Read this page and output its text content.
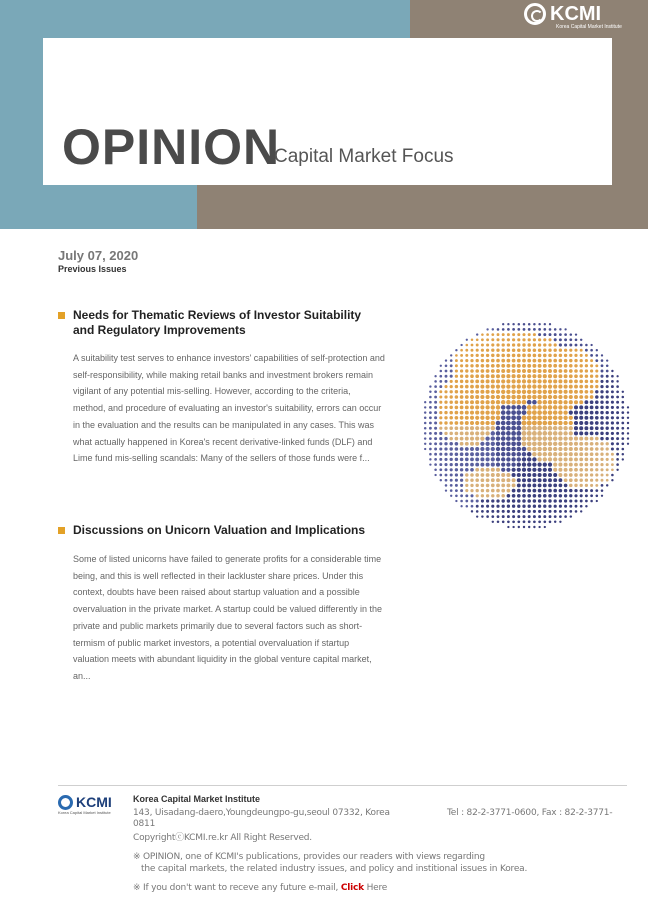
OPINION
Capital Market Focus
KCMI
Korea Capital Market Institute
July 07, 2020
Previous Issues
Needs for Thematic Reviews of Investor Suitability
and Regulatory Improvements
A suitability test serves to enhance investors' capabilities of self-protection and self-responsibility, while making retail banks and investment brokers remain vigilant of any potential mis-selling. However, according to the criteria, method, and procedure of evaluating an investor's suitability, errors can occur in the evaluation and the results can be manipulated in any cases. This was what actually happened in Korea's recent derivative-linked funds (DLF) and Lime fund mis-selling scandals: Many of the sellers of those funds were f...
Discussions on Unicorn Valuation and Implications
Some of listed unicorns have failed to generate profits for a considerable time being, and this is well reflected in their lackluster share prices. Under this context, doubts have been raised about startup valuation and a possible overvaluation in the private market. A startup could be valued differently in the private and public markets primarily due to several factors such as short-termism of public market investors, a potential overvaluation if startup valuation meets with abundant liquidity in the global venture capital market, an...
KCMI
Korea Capital Market Institute
Korea Capital Market Institute
143, Uisadang-daero,Youngdeungpo-gu,seoul 07332, Korea	Tel : 82-2-3771-0600, Fax : 82-2-3771-
0811
CopyrightⓒKCMI.re.kr All Right Reserved.
※ OPINION, one of KCMI's publications, provides our readers with views regarding
the capital markets, the related industry issues, and policy and institional issues in Korea.
※ If you don't want to receve any future e-mail, Click Here
